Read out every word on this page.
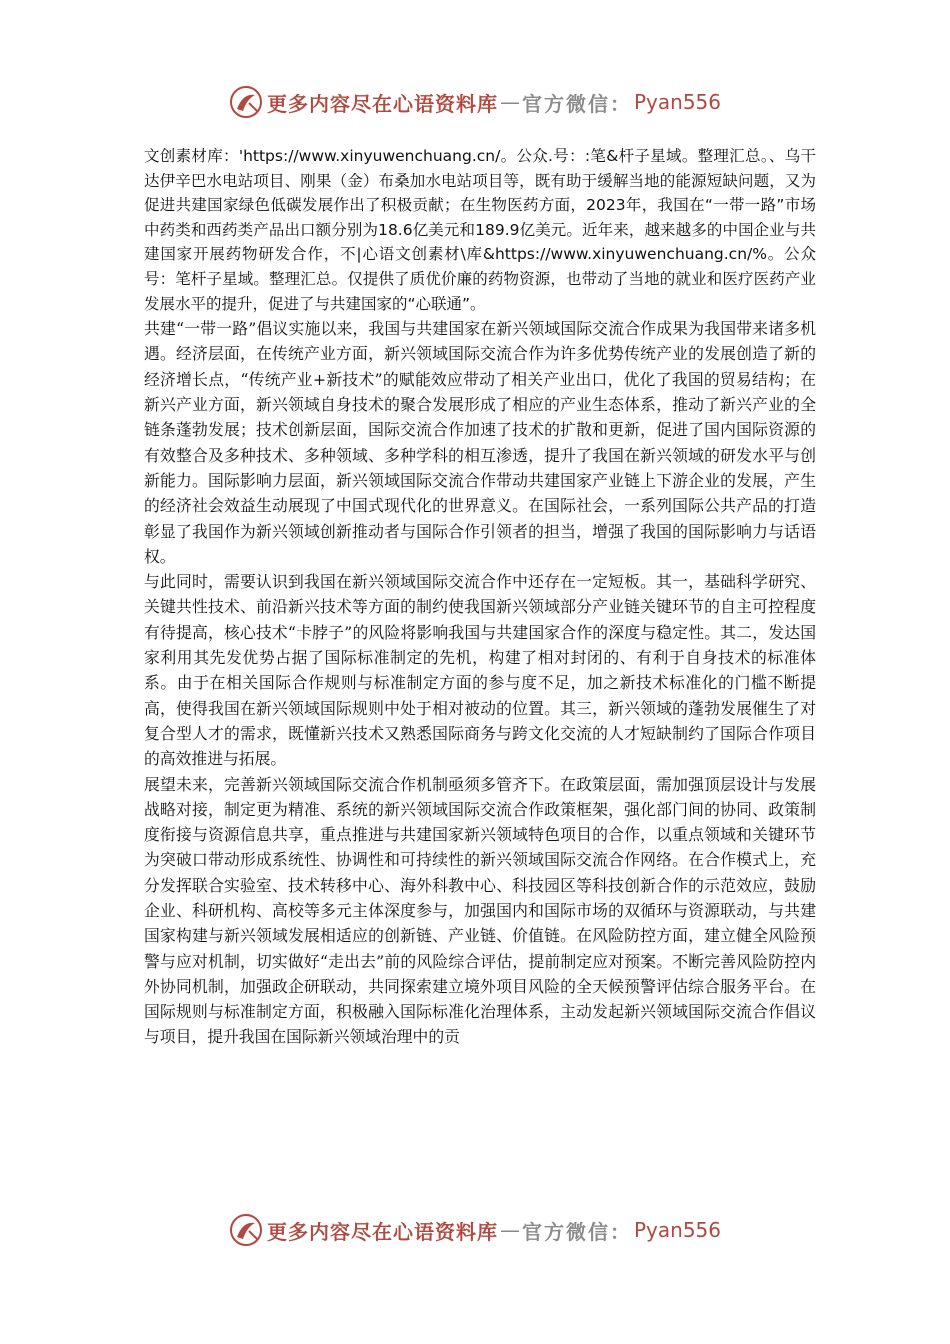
更多内容尽在心语资料库 — 官方微信： Pyan556

文创素材库：'https://www.xinyuwenchuang.cn/。公众.号：:笔&杆子星域。整理汇总。、乌干达伊辛巴水电站项目、刚果（金）布桑加水电站项目等，既有助于缓解当地的能源短缺问题，又为促进共建国家绿色低碳发展作出了积极贡献；在生物医药方面，2023年，我国在“一带一路”市场中药类和西药类产品出口额分别为18.6亿美元和189.9亿美元。近年来，越来越多的中国企业与共建国家开展药物研发合作，不|心语文创素材\库&https://www.xinyuwenchuang.cn/%。公众号：笔杆子星域。整理汇总。仅提供了质优价廉的药物资源，也带动了当地的就业和医疗医药产业发展水平的提升，促进了与共建国家的“心联通”。

共建“一带一路”倡议实施以来，我国与共建国家在新兴领域国际交流合作成果为我国带来诸多机遇。经济层面，在传统产业方面，新兴领域国际交流合作为许多优势传统产业的发展创造了新的经济增长点，“传统产业+新技术”的赋能效应带动了相关产业出口，优化了我国的贸易结构；在新兴产业方面，新兴领域自身技术的聚合发展形成了相应的产业生态体系，推动了新兴产业的全链条蓬勃发展；技术创新层面，国际交流合作加速了技术的扩散和更新，促进了国内国际资源的有效整合及多种技术、多种领域、多种学科的相互渗透，提升了我国在新兴领域的研发水平与创新能力。国际影响力层面，新兴领域国际交流合作带动共建国家产业链上下游企业的发展，产生的经济社会效益生动展现了中国式现代化的世界意义。在国际社会，一系列国际公共产品的打造彰显了我国作为新兴领域创新推动者与国际合作引领者的担当，增强了我国的国际影响力与话语权。

与此同时，需要认识到我国在新兴领域国际交流合作中还存在一定短板。其一，基础科学研究、关键共性技术、前沿新兴技术等方面的制约使我国新兴领域部分产业链关键环节的自主可控程度有待提高，核心技术“卡脖子”的风险将影响我国与共建国家合作的深度与稳定性。其二，发达国家利用其先发优势占据了国际标准制定的先机，构建了相对封闭的、有利于自身技术的标准体系。由于在相关国际合作规则与标准制定方面的参与度不足，加之新技术标准化的门槛不断提高，使得我国在新兴领域国际规则中处于相对被动的位置。其三，新兴领域的蓬勃发展催生了对复合型人才的需求，既懂新兴技术又熟悉国际商务与跨文化交流的人才短缺制约了国际合作项目的高效推进与拓展。

展望未来，完善新兴领域国际交流合作机制亟须多管齐下。在政策层面，需加强顶层设计与发展战略对接，制定更为精准、系统的新兴领域国际交流合作政策框架，强化部门间的协同、政策制度衔接与资源信息共享，重点推进与共建国家新兴领域特色项目的合作，以重点领域和关键环节为突破口带动形成系统性、协调性和可持续性的新兴领域国际交流合作网络。在合作模式上，充分发挥联合实验室、技术转移中心、海外科教中心、科技园区等科技创新合作的示范效应，鼓励企业、科研机构、高校等多元主体深度参与，加强国内和国际市场的双循环与资源联动，与共建国家构建与新兴领域发展相适应的创新链、产业链、价值链。在风险防控方面，建立健全风险预警与应对机制，切实做好“走出去”前的风险综合评估，提前制定应对预案。不断完善风险防控内外协同机制，加强政企研联动，共同探索建立境外项目风险的全天候预警评估综合服务平台。在国际规则与标准制定方面，积极融入国际标准化治理体系，主动发起新兴领域国际交流合作倡议与项目，提升我国在国际新兴领域治理中的贡

更多内容尽在心语资料库 — 官方微信： Pyan556
